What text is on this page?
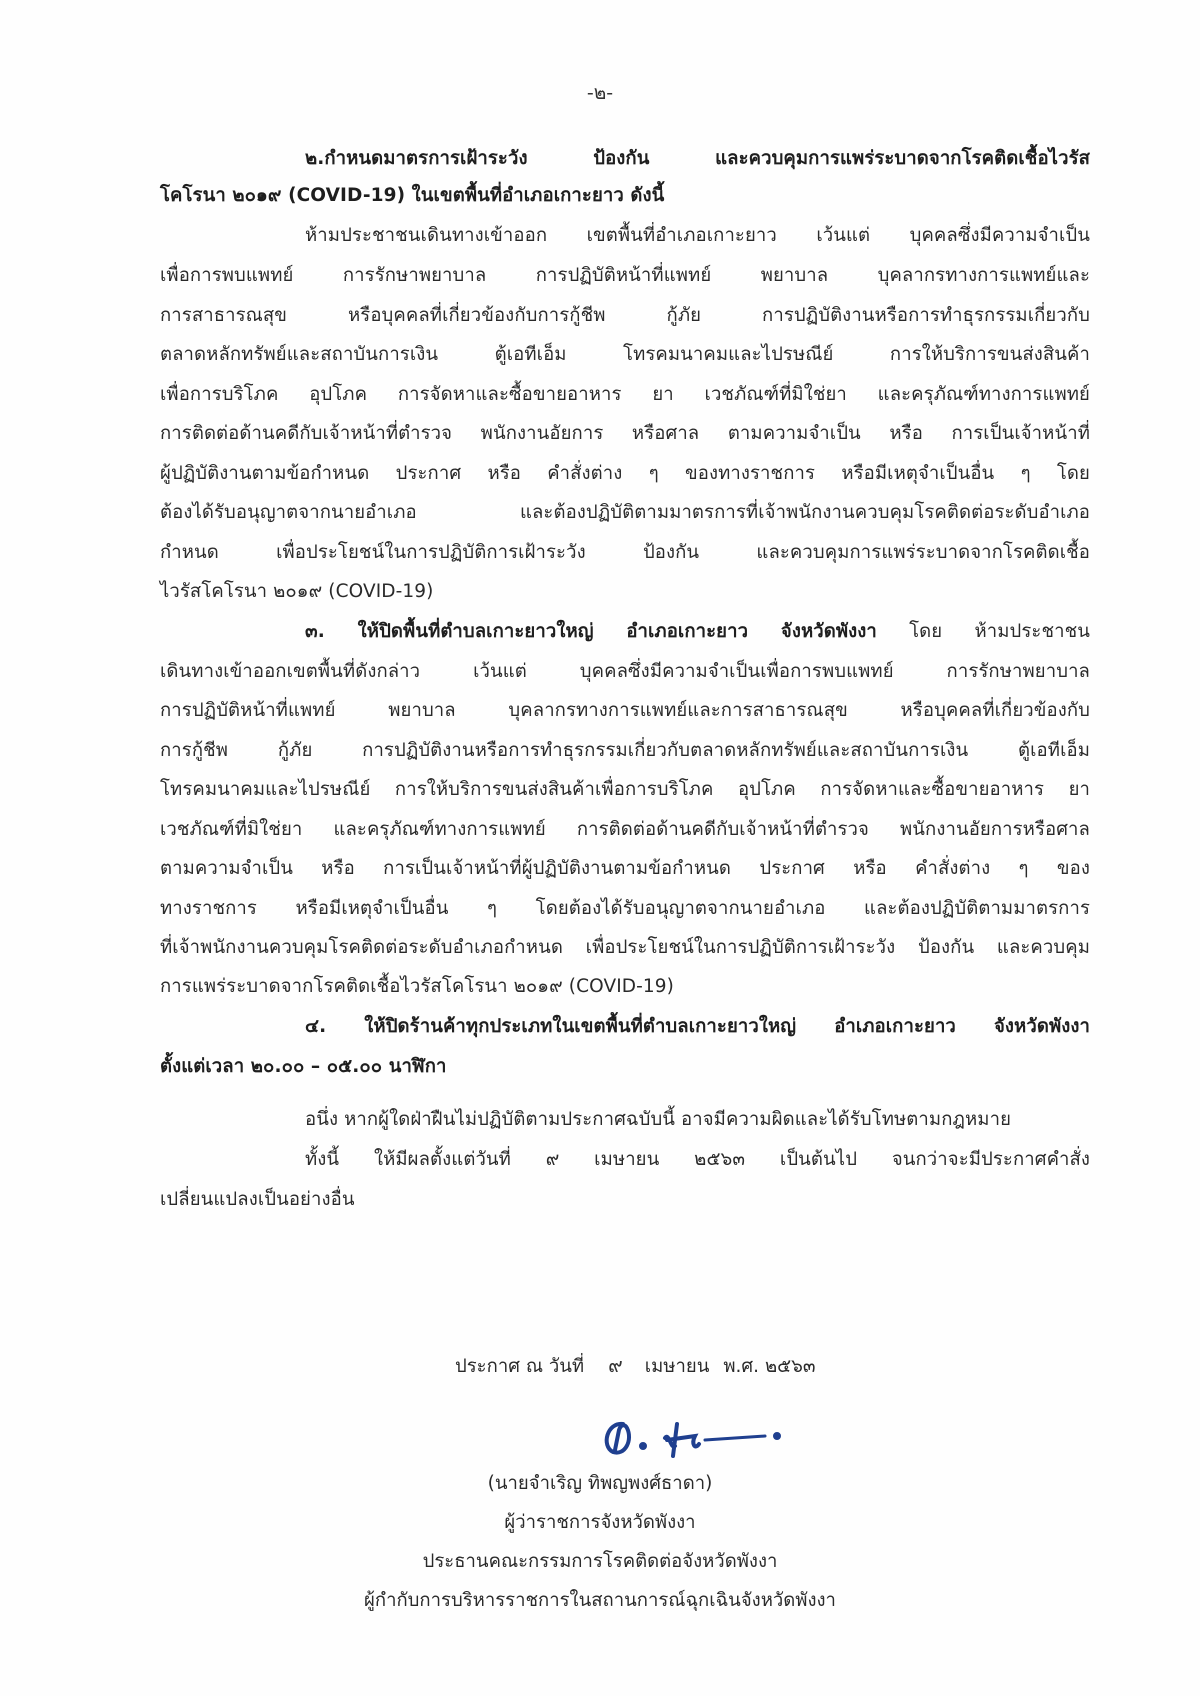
-๒-
๒.กำหนดมาตรการเฝ้าระวัง ป้องกัน และควบคุมการแพร่ระบาดจากโรคติดเชื้อไวรัส
โคโรนา ๒๐๑๙ (COVID-19) ในเขตพื้นที่อำเภอเกาะยาว ดังนี้
ห้ามประชาชนเดินทางเข้าออก เขตพื้นที่อำเภอเกาะยาว เว้นแต่ บุคคลซึ่งมีความจำเป็น
เพื่อการพบแพทย์ การรักษาพยาบาล การปฏิบัติหน้าที่แพทย์ พยาบาล บุคลากรทางการแพทย์และ
การสาธารณสุข หรือบุคคลที่เกี่ยวข้องกับการกู้ชีพ กู้ภัย การปฏิบัติงานหรือการทำธุรกรรมเกี่ยวกับ
ตลาดหลักทรัพย์และสถาบันการเงิน ตู้เอทีเอ็ม โทรคมนาคมและไปรษณีย์ การให้บริการขนส่งสินค้า
เพื่อการบริโภค อุปโภค การจัดหาและซื้อขายอาหาร ยา เวชภัณฑ์ที่มิใช่ยา และครุภัณฑ์ทางการแพทย์
การติดต่อด้านคดีกับเจ้าหน้าที่ตำรวจ พนักงานอัยการ หรือศาล ตามความจำเป็น หรือ การเป็นเจ้าหน้าที่
ผู้ปฏิบัติงานตามข้อกำหนด ประกาศ หรือ คำสั่งต่าง ๆ ของทางราชการ หรือมีเหตุจำเป็นอื่น ๆ โดย
ต้องได้รับอนุญาตจากนายอำเภอ และต้องปฏิบัติตามมาตรการที่เจ้าพนักงานควบคุมโรคติดต่อระดับอำเภอ
กำหนด เพื่อประโยชน์ในการปฏิบัติการเฝ้าระวัง ป้องกัน และควบคุมการแพร่ระบาดจากโรคติดเชื้อ
ไวรัสโคโรนา ๒๐๑๙ (COVID-19)
๓. ให้ปิดพื้นที่ตำบลเกาะยาวใหญ่ อำเภอเกาะยาว จังหวัดพังงา โดย ห้ามประชาชน
เดินทางเข้าออกเขตพื้นที่ดังกล่าว เว้นแต่ บุคคลซึ่งมีความจำเป็นเพื่อการพบแพทย์ การรักษาพยาบาล
การปฏิบัติหน้าที่แพทย์ พยาบาล บุคลากรทางการแพทย์และการสาธารณสุข หรือบุคคลที่เกี่ยวข้องกับ
การกู้ชีพ กู้ภัย การปฏิบัติงานหรือการทำธุรกรรมเกี่ยวกับตลาดหลักทรัพย์และสถาบันการเงิน ตู้เอทีเอ็ม
โทรคมนาคมและไปรษณีย์ การให้บริการขนส่งสินค้าเพื่อการบริโภค อุปโภค การจัดหาและซื้อขายอาหาร ยา
เวชภัณฑ์ที่มิใช่ยา และครุภัณฑ์ทางการแพทย์ การติดต่อด้านคดีกับเจ้าหน้าที่ตำรวจ พนักงานอัยการหรือศาล
ตามความจำเป็น หรือ การเป็นเจ้าหน้าที่ผู้ปฏิบัติงานตามข้อกำหนด ประกาศ หรือ คำสั่งต่าง ๆ ของ
ทางราชการ หรือมีเหตุจำเป็นอื่น ๆ โดยต้องได้รับอนุญาตจากนายอำเภอ และต้องปฏิบัติตามมาตรการ
ที่เจ้าพนักงานควบคุมโรคติดต่อระดับอำเภอกำหนด เพื่อประโยชน์ในการปฏิบัติการเฝ้าระวัง ป้องกัน และควบคุม
การแพร่ระบาดจากโรคติดเชื้อไวรัสโคโรนา ๒๐๑๙ (COVID-19)
๔. ให้ปิดร้านค้าทุกประเภทในเขตพื้นที่ตำบลเกาะยาวใหญ่ อำเภอเกาะยาว จังหวัดพังงา
ตั้งแต่เวลา ๒๐.๐๐ – ๐๕.๐๐ นาฬิกา
อนึ่ง หากผู้ใดฝ่าฝืนไม่ปฏิบัติตามประกาศฉบับนี้ อาจมีความผิดและได้รับโทษตามกฎหมาย
ทั้งนี้ ให้มีผลตั้งแต่วันที่ ๙ เมษายน ๒๕๖๓ เป็นต้นไป จนกว่าจะมีประกาศคำสั่ง
เปลี่ยนแปลงเป็นอย่างอื่น
ประกาศ ณ วันที่ ๙ เมษายน พ.ศ. ๒๕๖๓
(นายจำเริญ ทิพญพงศ์ธาดา)
ผู้ว่าราชการจังหวัดพังงา
ประธานคณะกรรมการโรคติดต่อจังหวัดพังงา
ผู้กำกับการบริหารราชการในสถานการณ์ฉุกเฉินจังหวัดพังงา
